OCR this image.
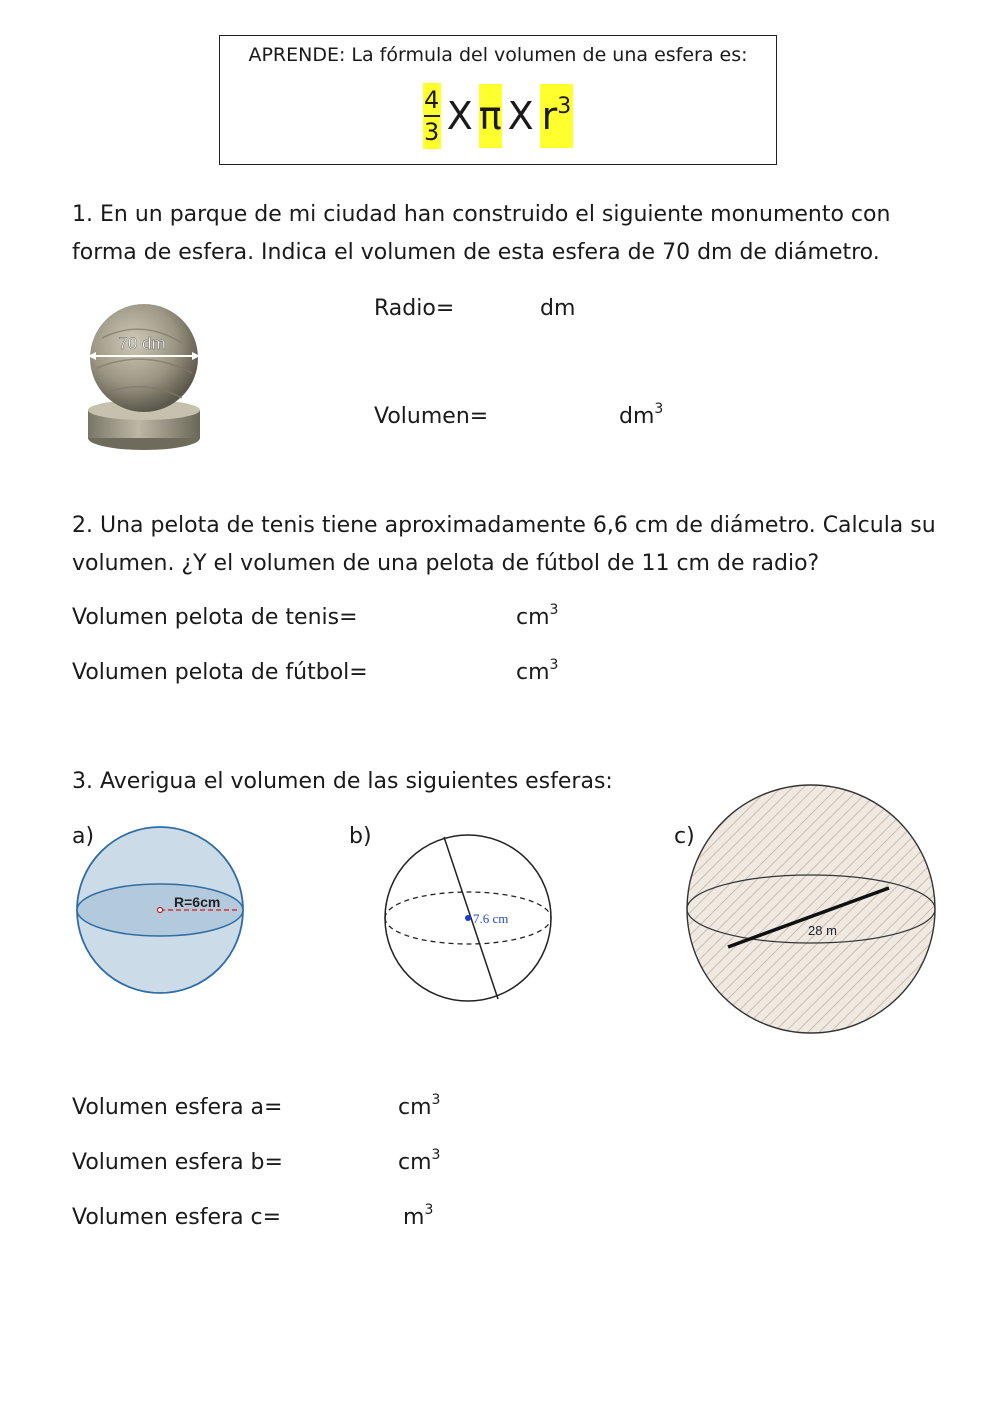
APRENDE: La fórmula del volumen de una esfera es:
$\frac{4}{3}$ X π X $r^3$
1. En un parque de mi ciudad han construido el siguiente monumento con forma de esfera. Indica el volumen de esta esfera de 70 dm de diámetro.
70 dm
Radio=	dm
Volumen=	$dm^3$
2. Una pelota de tenis tiene aproximadamente 6,6 cm de diámetro. Calcula su volumen. ¿Y el volumen de una pelota de fútbol de 11 cm de radio?
Volumen pelota de tenis=	$cm^3$
Volumen pelota de fútbol=	$cm^3$
3. Averigua el volumen de las siguientes esferas:
a)	b)	c)
R=6cm
7.6 cm
28 m
Volumen esfera a=	$cm^3$
Volumen esfera b=	$cm^3$
Volumen esfera c=	$m^3$
